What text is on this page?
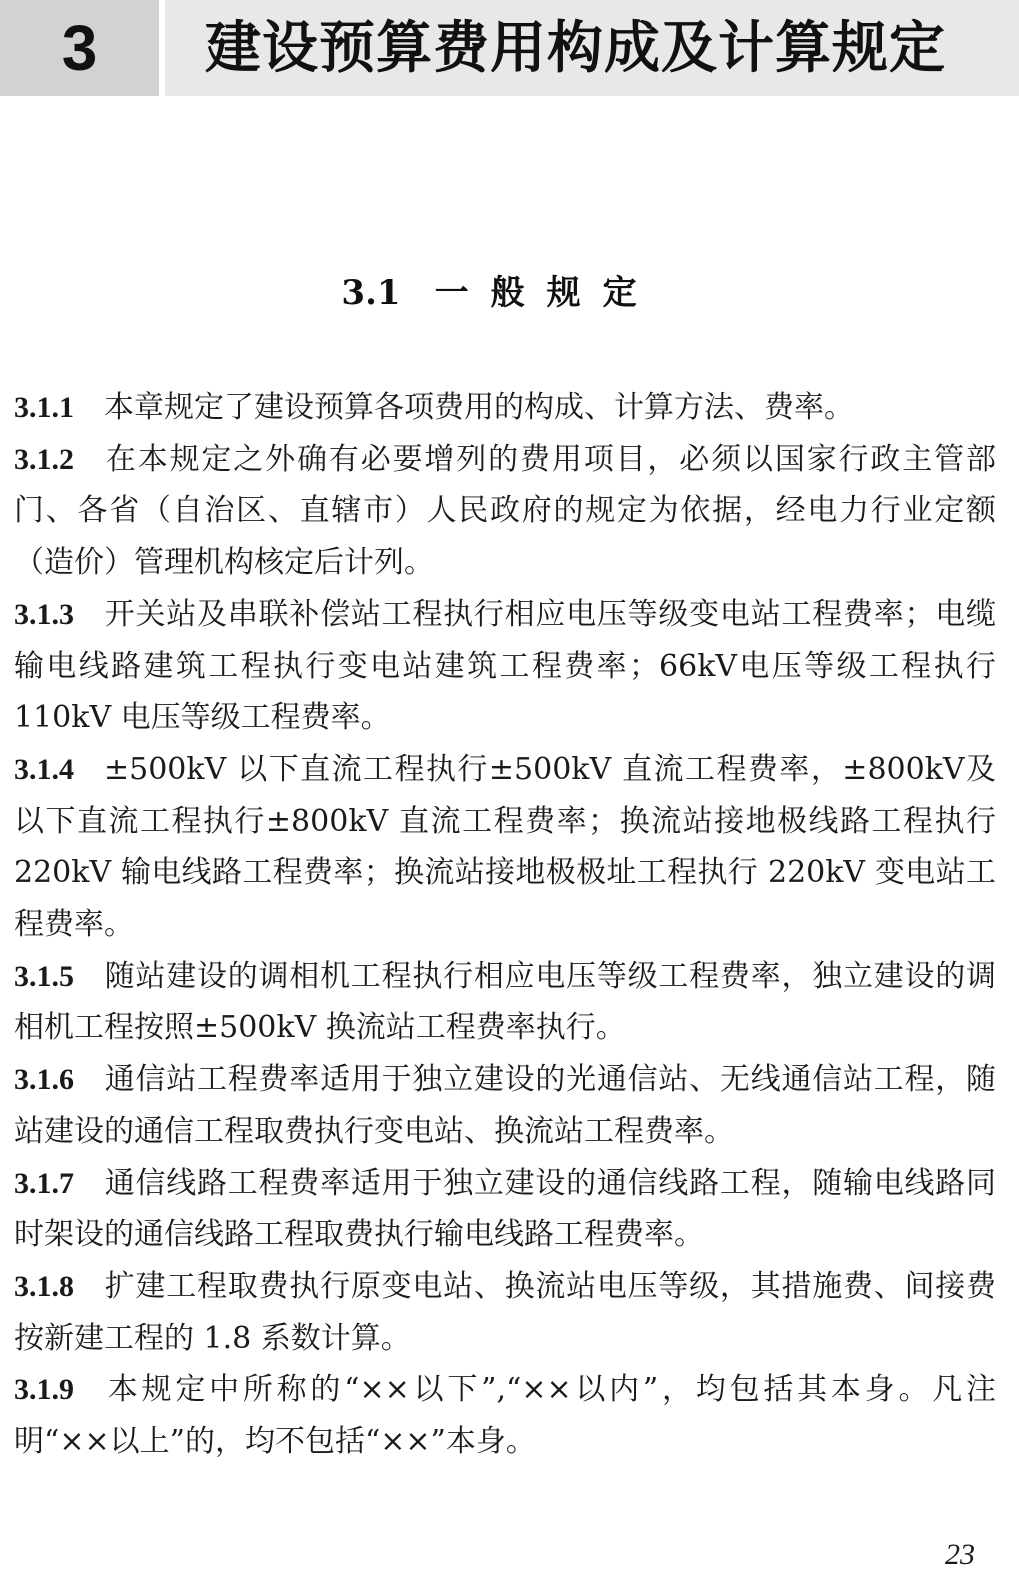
3 建设预算费用构成及计算规定
3.1 一般规定

3.1.1 本章规定了建设预算各项费用的构成、计算方法、费率。

3.1.2 在本规定之外确有必要增列的费用项目，必须以国家行政主管部门、各省（自治区、直辖市）人民政府的规定为依据，经电力行业定额（造价）管理机构核定后计列。

3.1.3 开关站及串联补偿站工程执行相应电压等级变电站工程费率；电缆输电线路建筑工程执行变电站建筑工程费率；66kV电压等级工程执行 110kV 电压等级工程费率。

3.1.4 ±500kV 以下直流工程执行±500kV 直流工程费率，±800kV及以下直流工程执行±800kV 直流工程费率；换流站接地极线路工程执行 220kV 输电线路工程费率；换流站接地极极址工程执行 220kV 变电站工程费率。

3.1.5 随站建设的调相机工程执行相应电压等级工程费率，独立建设的调相机工程按照±500kV 换流站工程费率执行。

3.1.6 通信站工程费率适用于独立建设的光通信站、无线通信站工程，随站建设的通信工程取费执行变电站、换流站工程费率。

3.1.7 通信线路工程费率适用于独立建设的通信线路工程，随输电线路同时架设的通信线路工程取费执行输电线路工程费率。

3.1.8 扩建工程取费执行原变电站、换流站电压等级，其措施费、间接费按新建工程的 1.8 系数计算。

3.1.9 本规定中所称的“××以下”,“××以内”，均包括其本身。凡注明“××以上”的，均不包括“××”本身。

23
